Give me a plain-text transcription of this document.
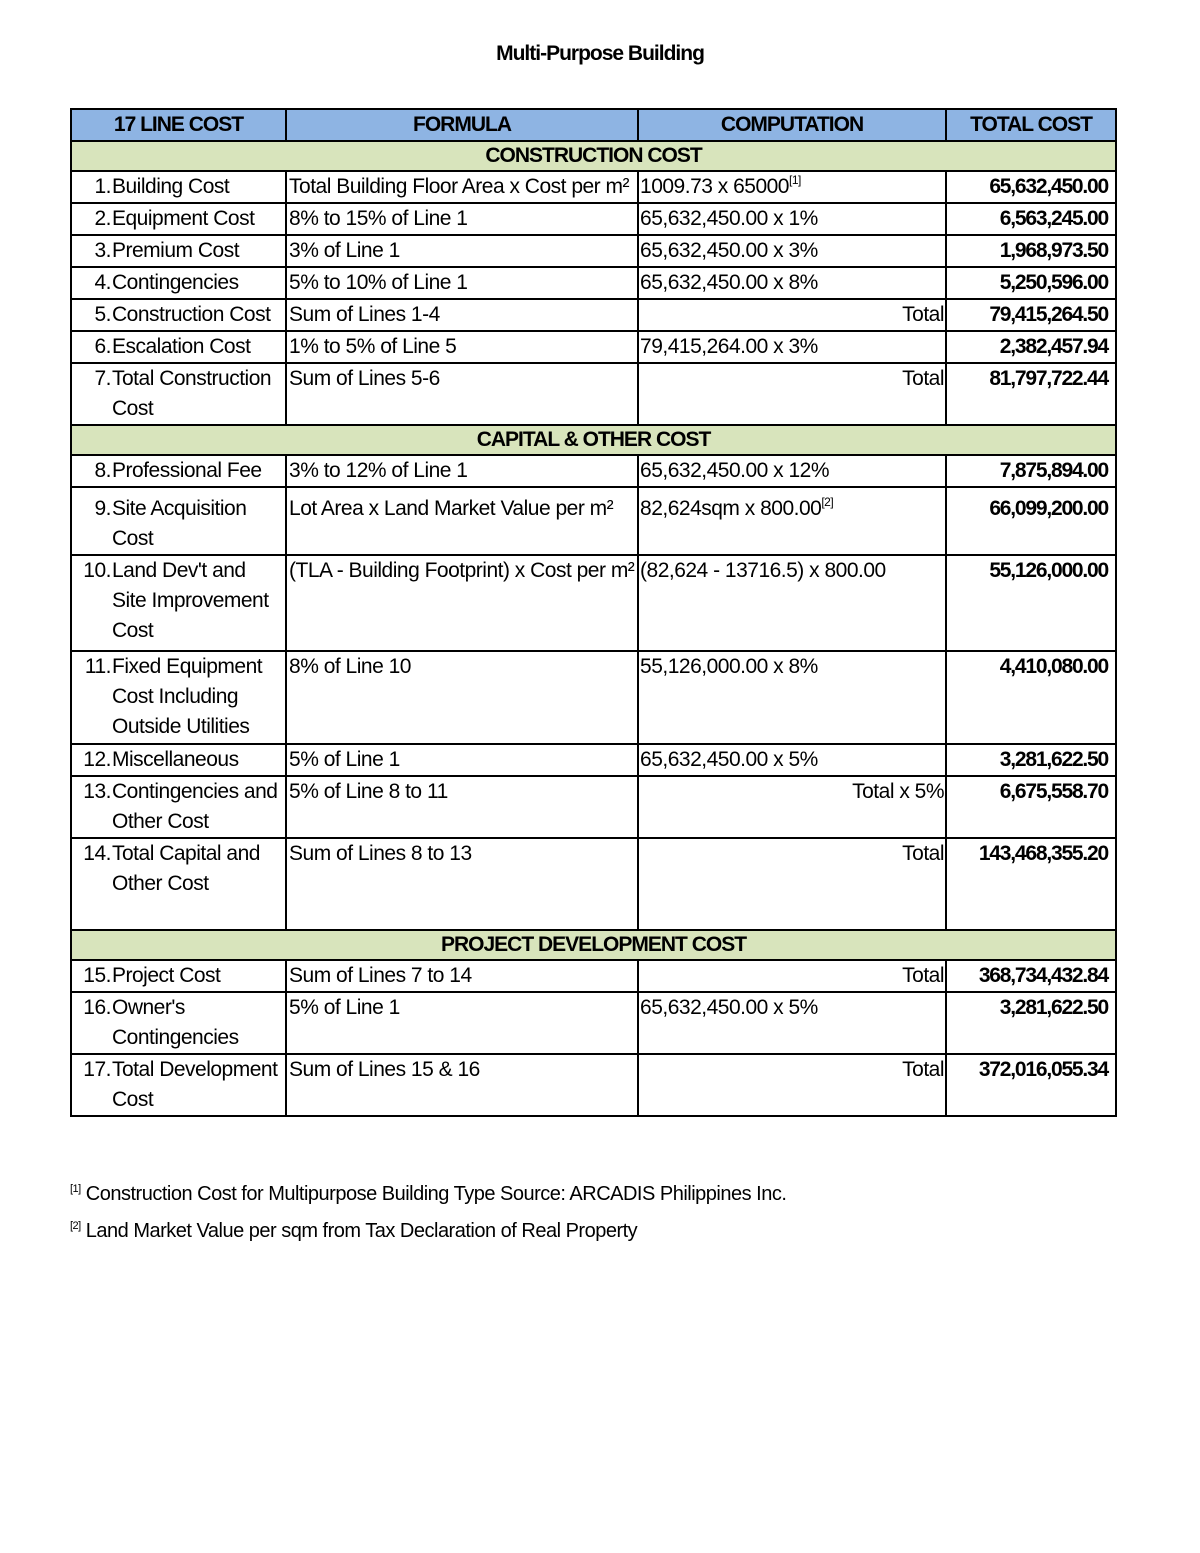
Multi-Purpose Building
17 LINE COST		FORMULA	COMPUTATION	TOTAL COST
CONSTRUCTION COST				
1.	Building Cost	Total Building Floor Area x Cost per m²	1009.73 x 65000[1]	65,632,450.00
2.	Equipment Cost	8% to 15% of Line 1	65,632,450.00 x 1%	6,563,245.00
3.	Premium Cost	3% of Line 1	65,632,450.00 x 3%	1,968,973.50
4.	Contingencies	5% to 10% of Line 1	65,632,450.00 x 8%	5,250,596.00
5.	Construction Cost	Sum of Lines 1-4	Total	79,415,264.50
6.	Escalation Cost	1% to 5% of Line 5	79,415,264.00 x 3%	2,382,457.94
7.	Total Construction Cost	Sum of Lines 5-6	Total	81,797,722.44
CAPITAL & OTHER COST				
8.	Professional Fee	3% to 12% of Line 1	65,632,450.00 x 12%	7,875,894.00
9.	Site Acquisition Cost	Lot Area x Land Market Value per m²	82,624sqm x 800.00[2]	66,099,200.00
10.	Land Dev't and Site Improvement Cost	(TLA - Building Footprint) x Cost per m²	(82,624 - 13716.5) x 800.00	55,126,000.00
11.	Fixed Equipment Cost Including Outside Utilities	8% of Line 10	55,126,000.00 x 8%	4,410,080.00
12.	Miscellaneous	5% of Line 1	65,632,450.00 x 5%	3,281,622.50
13.	Contingencies and Other Cost	5% of Line 8 to 11	Total x 5%	6,675,558.70
14.	Total Capital and Other Cost	Sum of Lines 8 to 13	Total	143,468,355.20
PROJECT DEVELOPMENT COST				
15.	Project Cost	Sum of Lines 7 to 14	Total	368,734,432.84
16.	Owner's Contingencies	5% of Line 1	65,632,450.00 x 5%	3,281,622.50
17.	Total Development Cost	Sum of Lines 15 & 16	Total	372,016,055.34
[1] Construction Cost for Multipurpose Building Type Source: ARCADIS Philippines Inc.
[2] Land Market Value per sqm from Tax Declaration of Real Property
